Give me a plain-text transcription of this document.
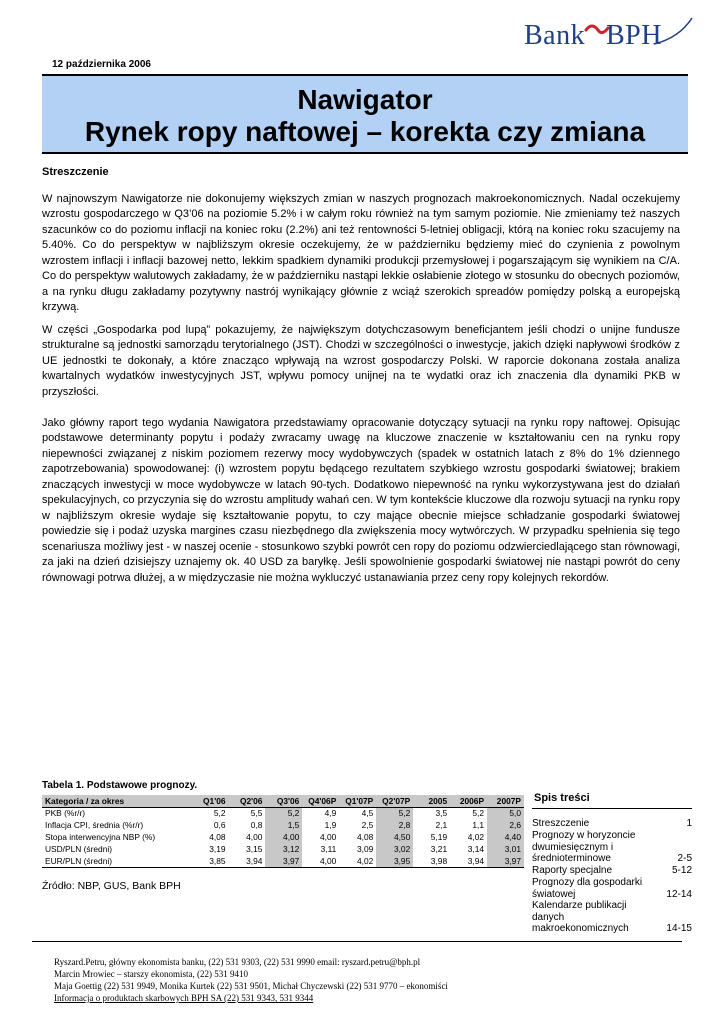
Bank BPH
12 października 2006
Nawigator
Rynek ropy naftowej – korekta czy zmiana
Streszczenie

W najnowszym Nawigatorze nie dokonujemy większych zmian w naszych prognozach makroekonomicznych. Nadal oczekujemy wzrostu gospodarczego w Q3’06 na poziomie 5.2% i w całym roku również na tym samym poziomie. Nie zmieniamy też naszych szacunków co do poziomu inflacji na koniec roku (2.2%) ani też rentowności 5-letniej obligacji, którą na koniec roku szacujemy na 5.40%. Co do perspektyw w najbliższym okresie oczekujemy, że w październiku będziemy mieć do czynienia z powolnym wzrostem inflacji i inflacji bazowej netto, lekkim spadkiem dynamiki produkcji przemysłowej i pogarszającym się wynikiem na C/A. Co do perspektyw walutowych zakładamy, że w październiku nastąpi lekkie osłabienie złotego w stosunku do obecnych poziomów, a na rynku długu zakładamy pozytywny nastrój wynikający głównie z wciąż szerokich spreadów pomiędzy polską a europejską krzywą.

W części „Gospodarka pod lupą” pokazujemy, że największym dotychczasowym beneficjantem jeśli chodzi o unijne fundusze strukturalne są jednostki samorządu terytorialnego (JST). Chodzi w szczególności o inwestycje, jakich dzięki napływowi środków z UE jednostki te dokonały, a które znacząco wpływają na wzrost gospodarczy Polski. W raporcie dokonana została analiza kwartalnych wydatków inwestycyjnych JST, wpływu pomocy unijnej na te wydatki oraz ich znaczenia dla dynamiki PKB w przyszłości.

Jako główny raport tego wydania Nawigatora przedstawiamy opracowanie dotyczący sytuacji na rynku ropy naftowej. Opisując podstawowe determinanty popytu i podaży zwracamy uwagę na kluczowe znaczenie w kształtowaniu cen na rynku ropy niepewności związanej z niskim poziomem rezerwy mocy wydobywczych (spadek w ostatnich latach z 8% do 1% dziennego zapotrzebowania) spowodowanej: (i) wzrostem popytu będącego rezultatem szybkiego wzrostu gospodarki światowej; brakiem znaczących inwestycji w moce wydobywcze w latach 90-tych. Dodatkowo niepewność na rynku wykorzystywana jest do działań spekulacyjnych, co przyczynia się do wzrostu amplitudy wahań cen. W tym kontekście kluczowe dla rozwoju sytuacji na rynku ropy w najbliższym okresie wydaje się kształtowanie popytu, to czy mające obecnie miejsce schładzanie gospodarki światowej powiedzie się i podaż uzyska margines czasu niezbędnego dla zwiększenia mocy wytwórczych. W przypadku spełnienia się tego scenariusza możliwy jest - w naszej ocenie - stosunkowo szybki powrót cen ropy do poziomu odzwierciedlającego stan równowagi, za jaki na dzień dzisiejszy uznajemy ok. 40 USD za baryłkę. Jeśli spowolnienie gospodarki światowej nie nastąpi powrót do ceny równowagi potrwa dłużej, a w międzyczasie nie można wykluczyć ustanawiania przez ceny ropy kolejnych rekordów.

Tabela 1. Podstawowe prognozy.
Kategoria / za okres	Q1'06	Q2'06	Q3'06	Q4'06P	Q1'07P	Q2'07P	2005	2006P	2007P
PKB (%r/r)	5,2	5,5	5,2	4,9	4,5	5,2	3,5	5,2	5,0
Inflacja CPI, średnia (%r/r)	0,6	0,8	1,5	1,9	2,5	2,8	2,1	1,1	2,6
Stopa interwencyjna NBP (%)	4,08	4,00	4,00	4,00	4,08	4,50	5,19	4,02	4,40
USD/PLN (średni)	3,19	3,15	3,12	3,11	3,09	3,02	3,21	3,14	3,01
EUR/PLN (średni)	3,85	3,94	3,97	4,00	4,02	3,95	3,98	3,94	3,97
Źródło: NBP, GUS, Bank BPH
Spis treści
Streszczenie	1
Prognozy w horyzoncie dwumiesięcznym i średnioterminowe	2-5
Raporty specjalne	5-12
Prognozy dla gospodarki światowej	12-14
Kalendarze publikacji danych makroekonomicznych	14-15
Ryszard.Petru, główny ekonomista banku, (22) 531 9303, (22) 531 9990 email: ryszard.petru@bph.pl
Marcin Mrowiec – starszy ekonomista, (22) 531 9410
Maja Goettig (22) 531 9949, Monika Kurtek (22) 531 9501, Michał Chyczewski (22) 531 9770 – ekonomiści
Informacja o produktach skarbowych BPH SA (22) 531 9343, 531 9344
